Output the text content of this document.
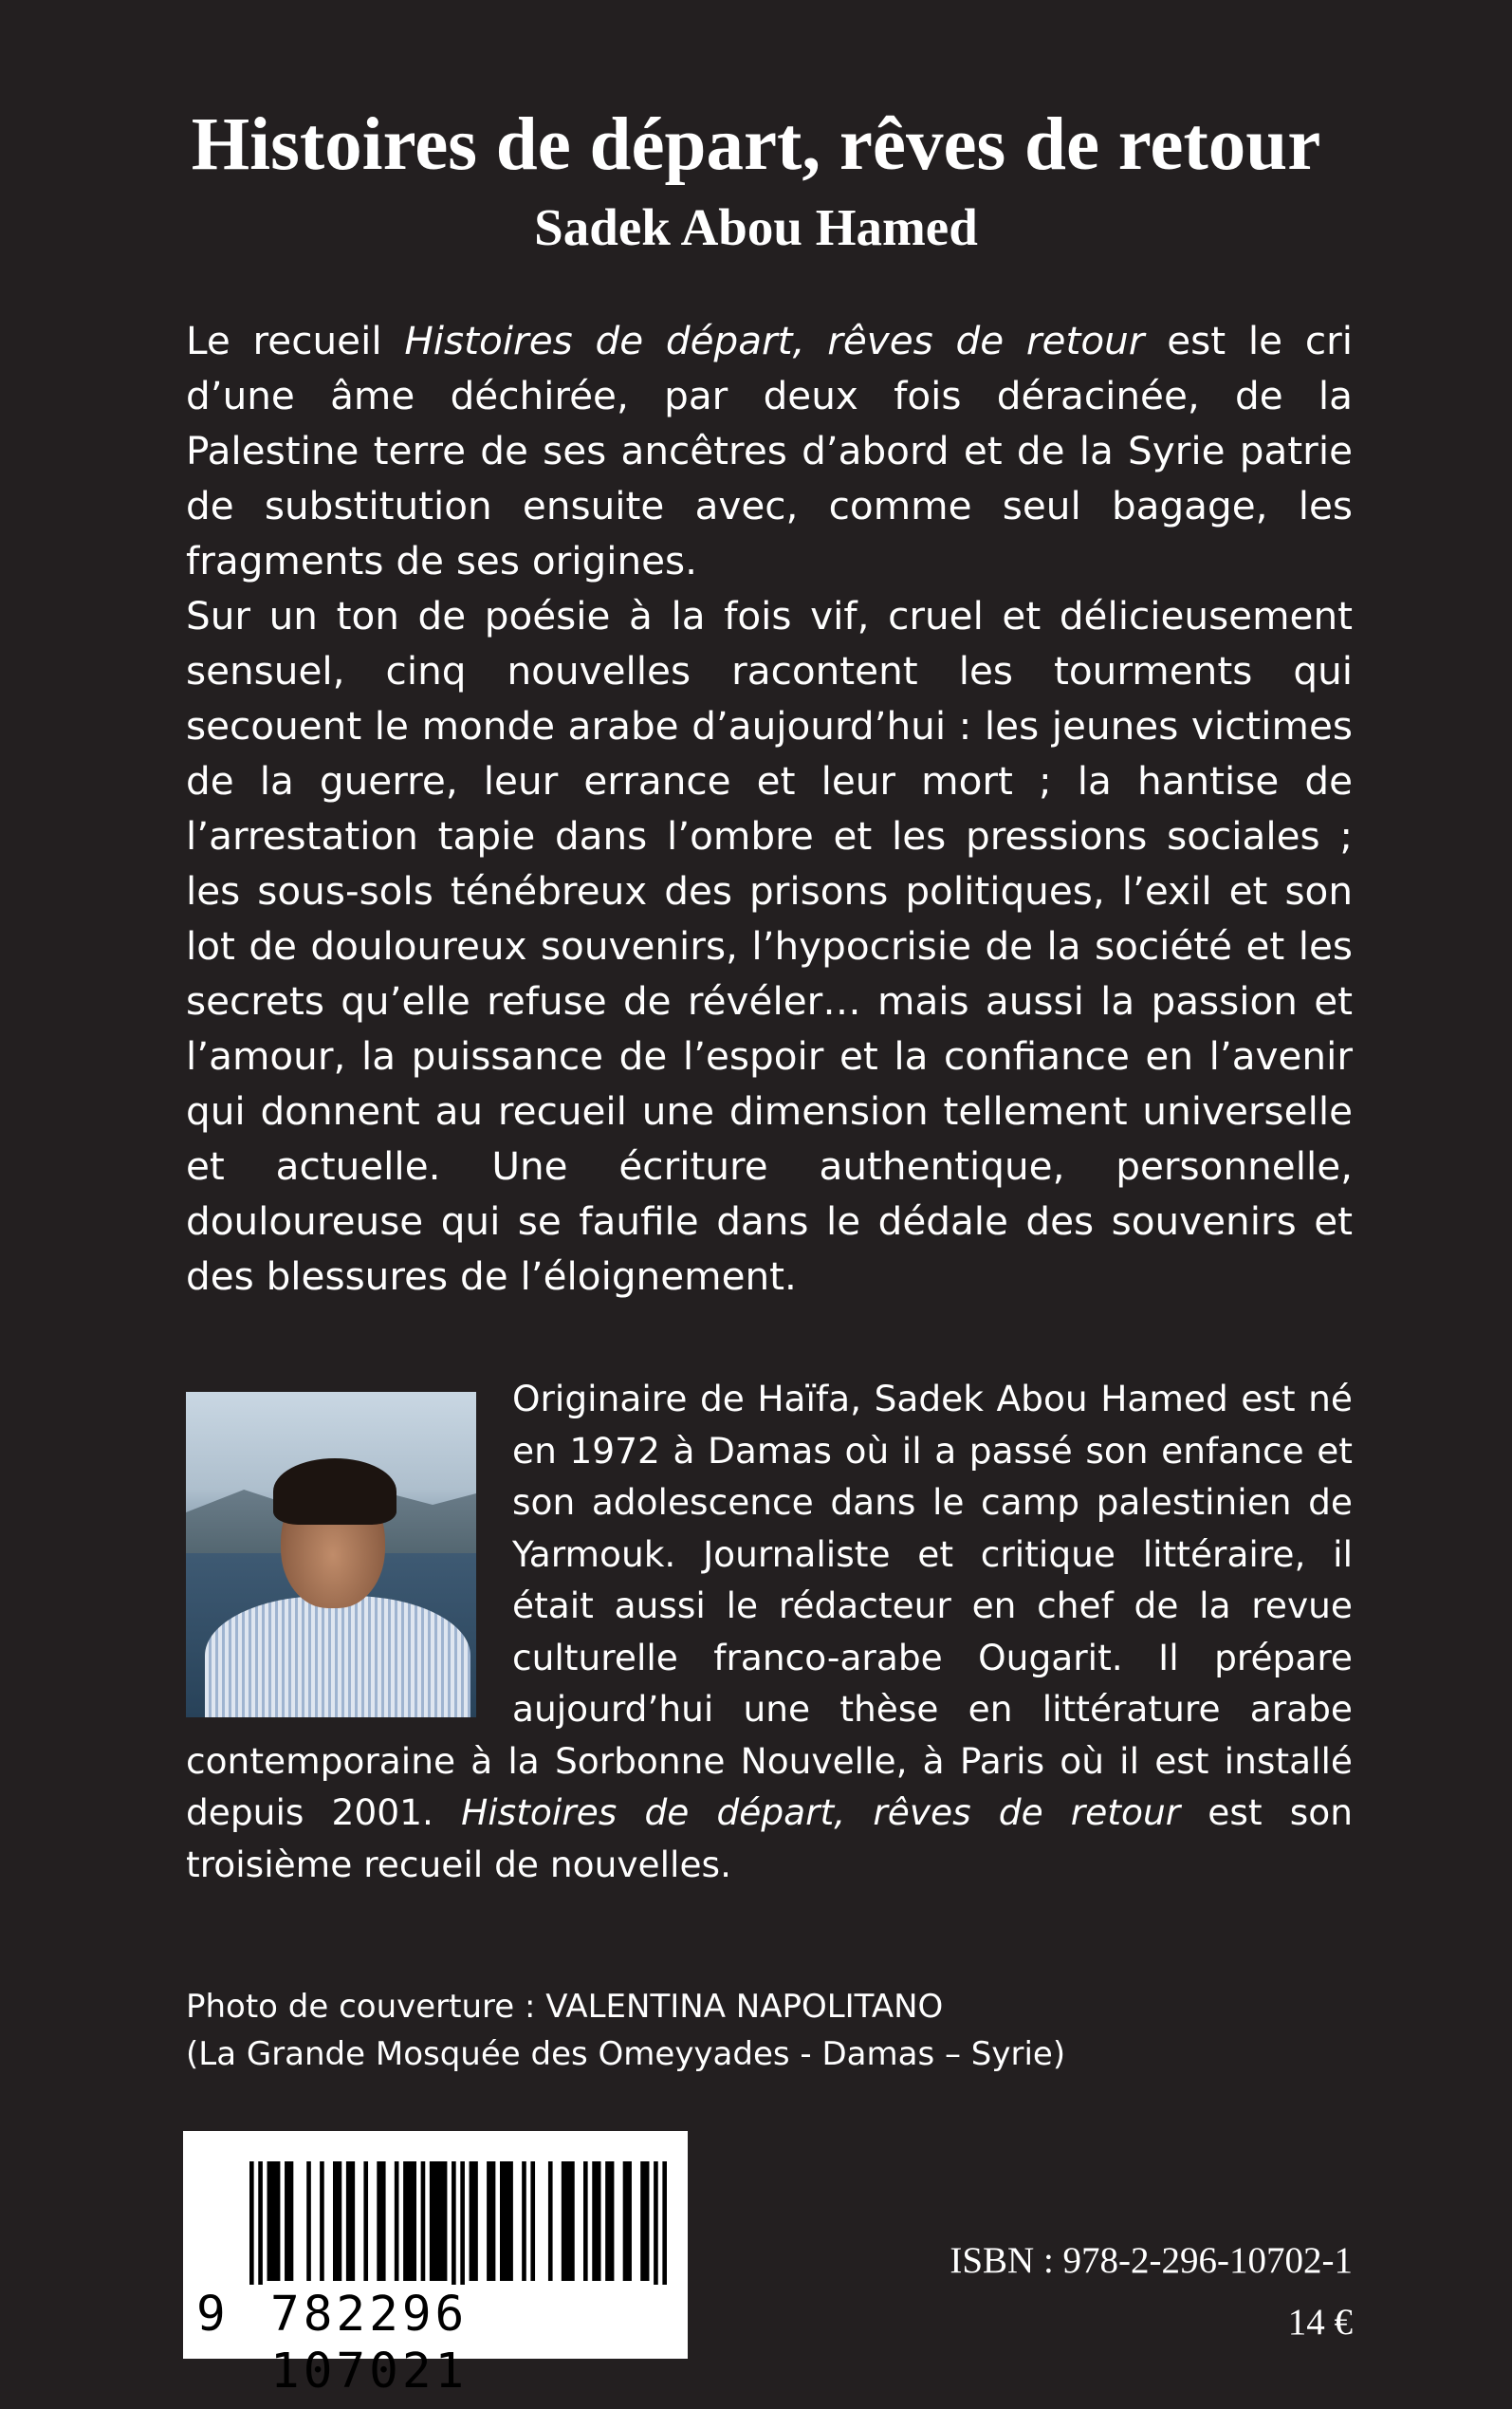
Histoires de départ, rêves de retour
Sadek Abou Hamed

Le recueil Histoires de départ, rêves de retour est le cri d’une âme déchirée, par deux fois déracinée, de la Palestine terre de ses ancêtres d’abord et de la Syrie patrie de substitution ensuite avec, comme seul bagage, les fragments de ses origines.

Sur un ton de poésie à la fois vif, cruel et délicieusement sensuel, cinq nouvelles racontent les tourments qui secouent le monde arabe d’aujourd’hui : les jeunes victimes de la guerre, leur errance et leur mort ; la hantise de l’arrestation tapie dans l’ombre et les pressions sociales ; les sous-sols ténébreux des prisons politiques, l’exil et son lot de douloureux souvenirs, l’hypocrisie de la société et les secrets qu’elle refuse de révéler… mais aussi la passion et l’amour, la puissance de l’espoir et la confiance en l’avenir qui donnent au recueil une dimension tellement universelle et actuelle. Une écriture authentique, personnelle, douloureuse qui se faufile dans le dédale des souvenirs et des blessures de l’éloignement.

Originaire de Haïfa, Sadek Abou Hamed est né en 1972 à Damas où il a passé son enfance et son adolescence dans le camp palestinien de Yarmouk. Journaliste et critique littéraire, il était aussi le rédacteur en chef de la revue culturelle franco-arabe Ougarit. Il prépare aujourd’hui une thèse en littérature arabe contemporaine à la Sorbonne Nouvelle, à Paris où il est installé depuis 2001. Histoires de départ, rêves de retour est son troisième recueil de nouvelles.

Photo de couverture : VALENTINA NAPOLITANO
(La Grande Mosquée des Omeyyades - Damas – Syrie)
9 782296 107021
ISBN : 978-2-296-10702-1
14 €
